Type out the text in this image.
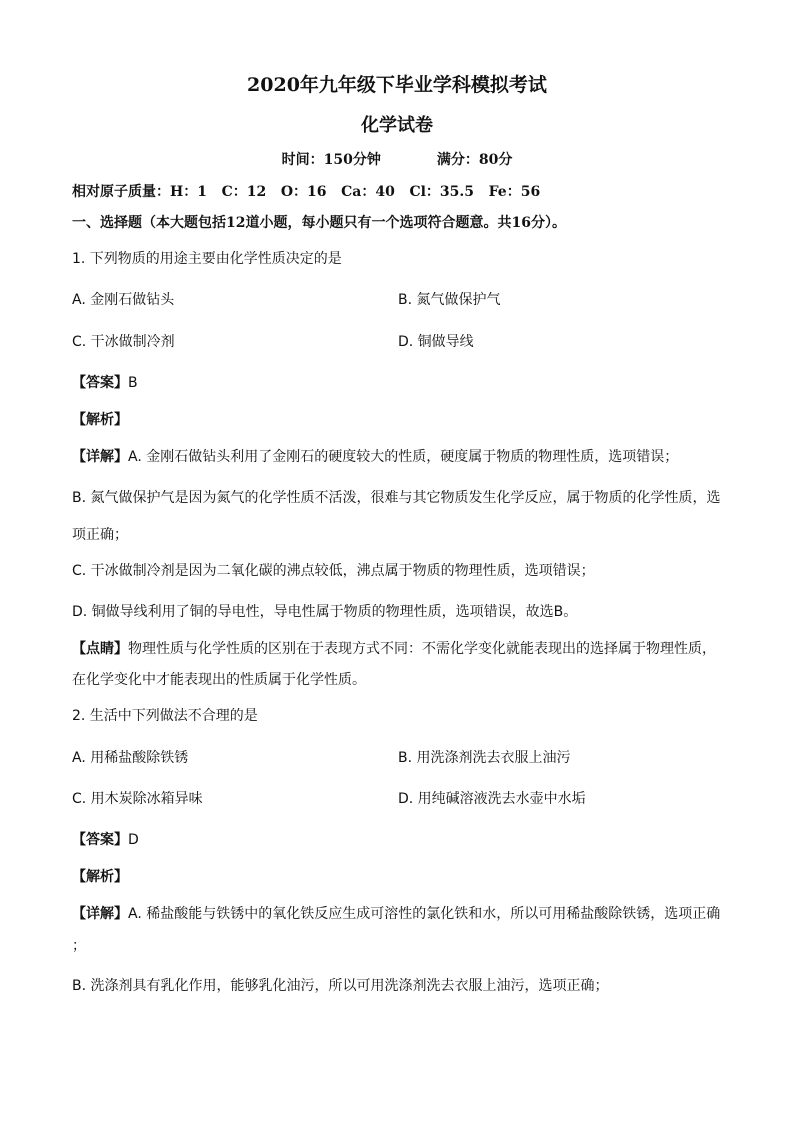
2020年九年级下毕业学科模拟考试
化学试卷
时间：150分钟	满分：80分
相对原子质量：H：1   C：12   O：16   Ca：40   Cl：35.5   Fe：56
一、选择题（本大题包括12道小题，每小题只有一个选项符合题意。共16分）。
1. 下列物质的用途主要由化学性质决定的是
A. 金刚石做钻头	B. 氮气做保护气
C. 干冰做制冷剂	D. 铜做导线
【答案】B
【解析】
【详解】A. 金刚石做钻头利用了金刚石的硬度较大的性质，硬度属于物质的物理性质，选项错误；
B. 氮气做保护气是因为氮气的化学性质不活泼，很难与其它物质发生化学反应，属于物质的化学性质，选
项正确；
C. 干冰做制冷剂是因为二氧化碳的沸点较低，沸点属于物质的物理性质，选项错误；
D. 铜做导线利用了铜的导电性，导电性属于物质的物理性质，选项错误，故选B。
【点睛】物理性质与化学性质的区别在于表现方式不同：不需化学变化就能表现出的选择属于物理性质，
在化学变化中才能表现出的性质属于化学性质。
2. 生活中下列做法不合理的是
A. 用稀盐酸除铁锈	B. 用洗涤剂洗去衣服上油污
C. 用木炭除冰箱异味	D. 用纯碱溶液洗去水壶中水垢
【答案】D
【解析】
【详解】A. 稀盐酸能与铁锈中的氧化铁反应生成可溶性的氯化铁和水，所以可用稀盐酸除铁锈，选项正确
；
B. 洗涤剂具有乳化作用，能够乳化油污，所以可用洗涤剂洗去衣服上油污，选项正确；
